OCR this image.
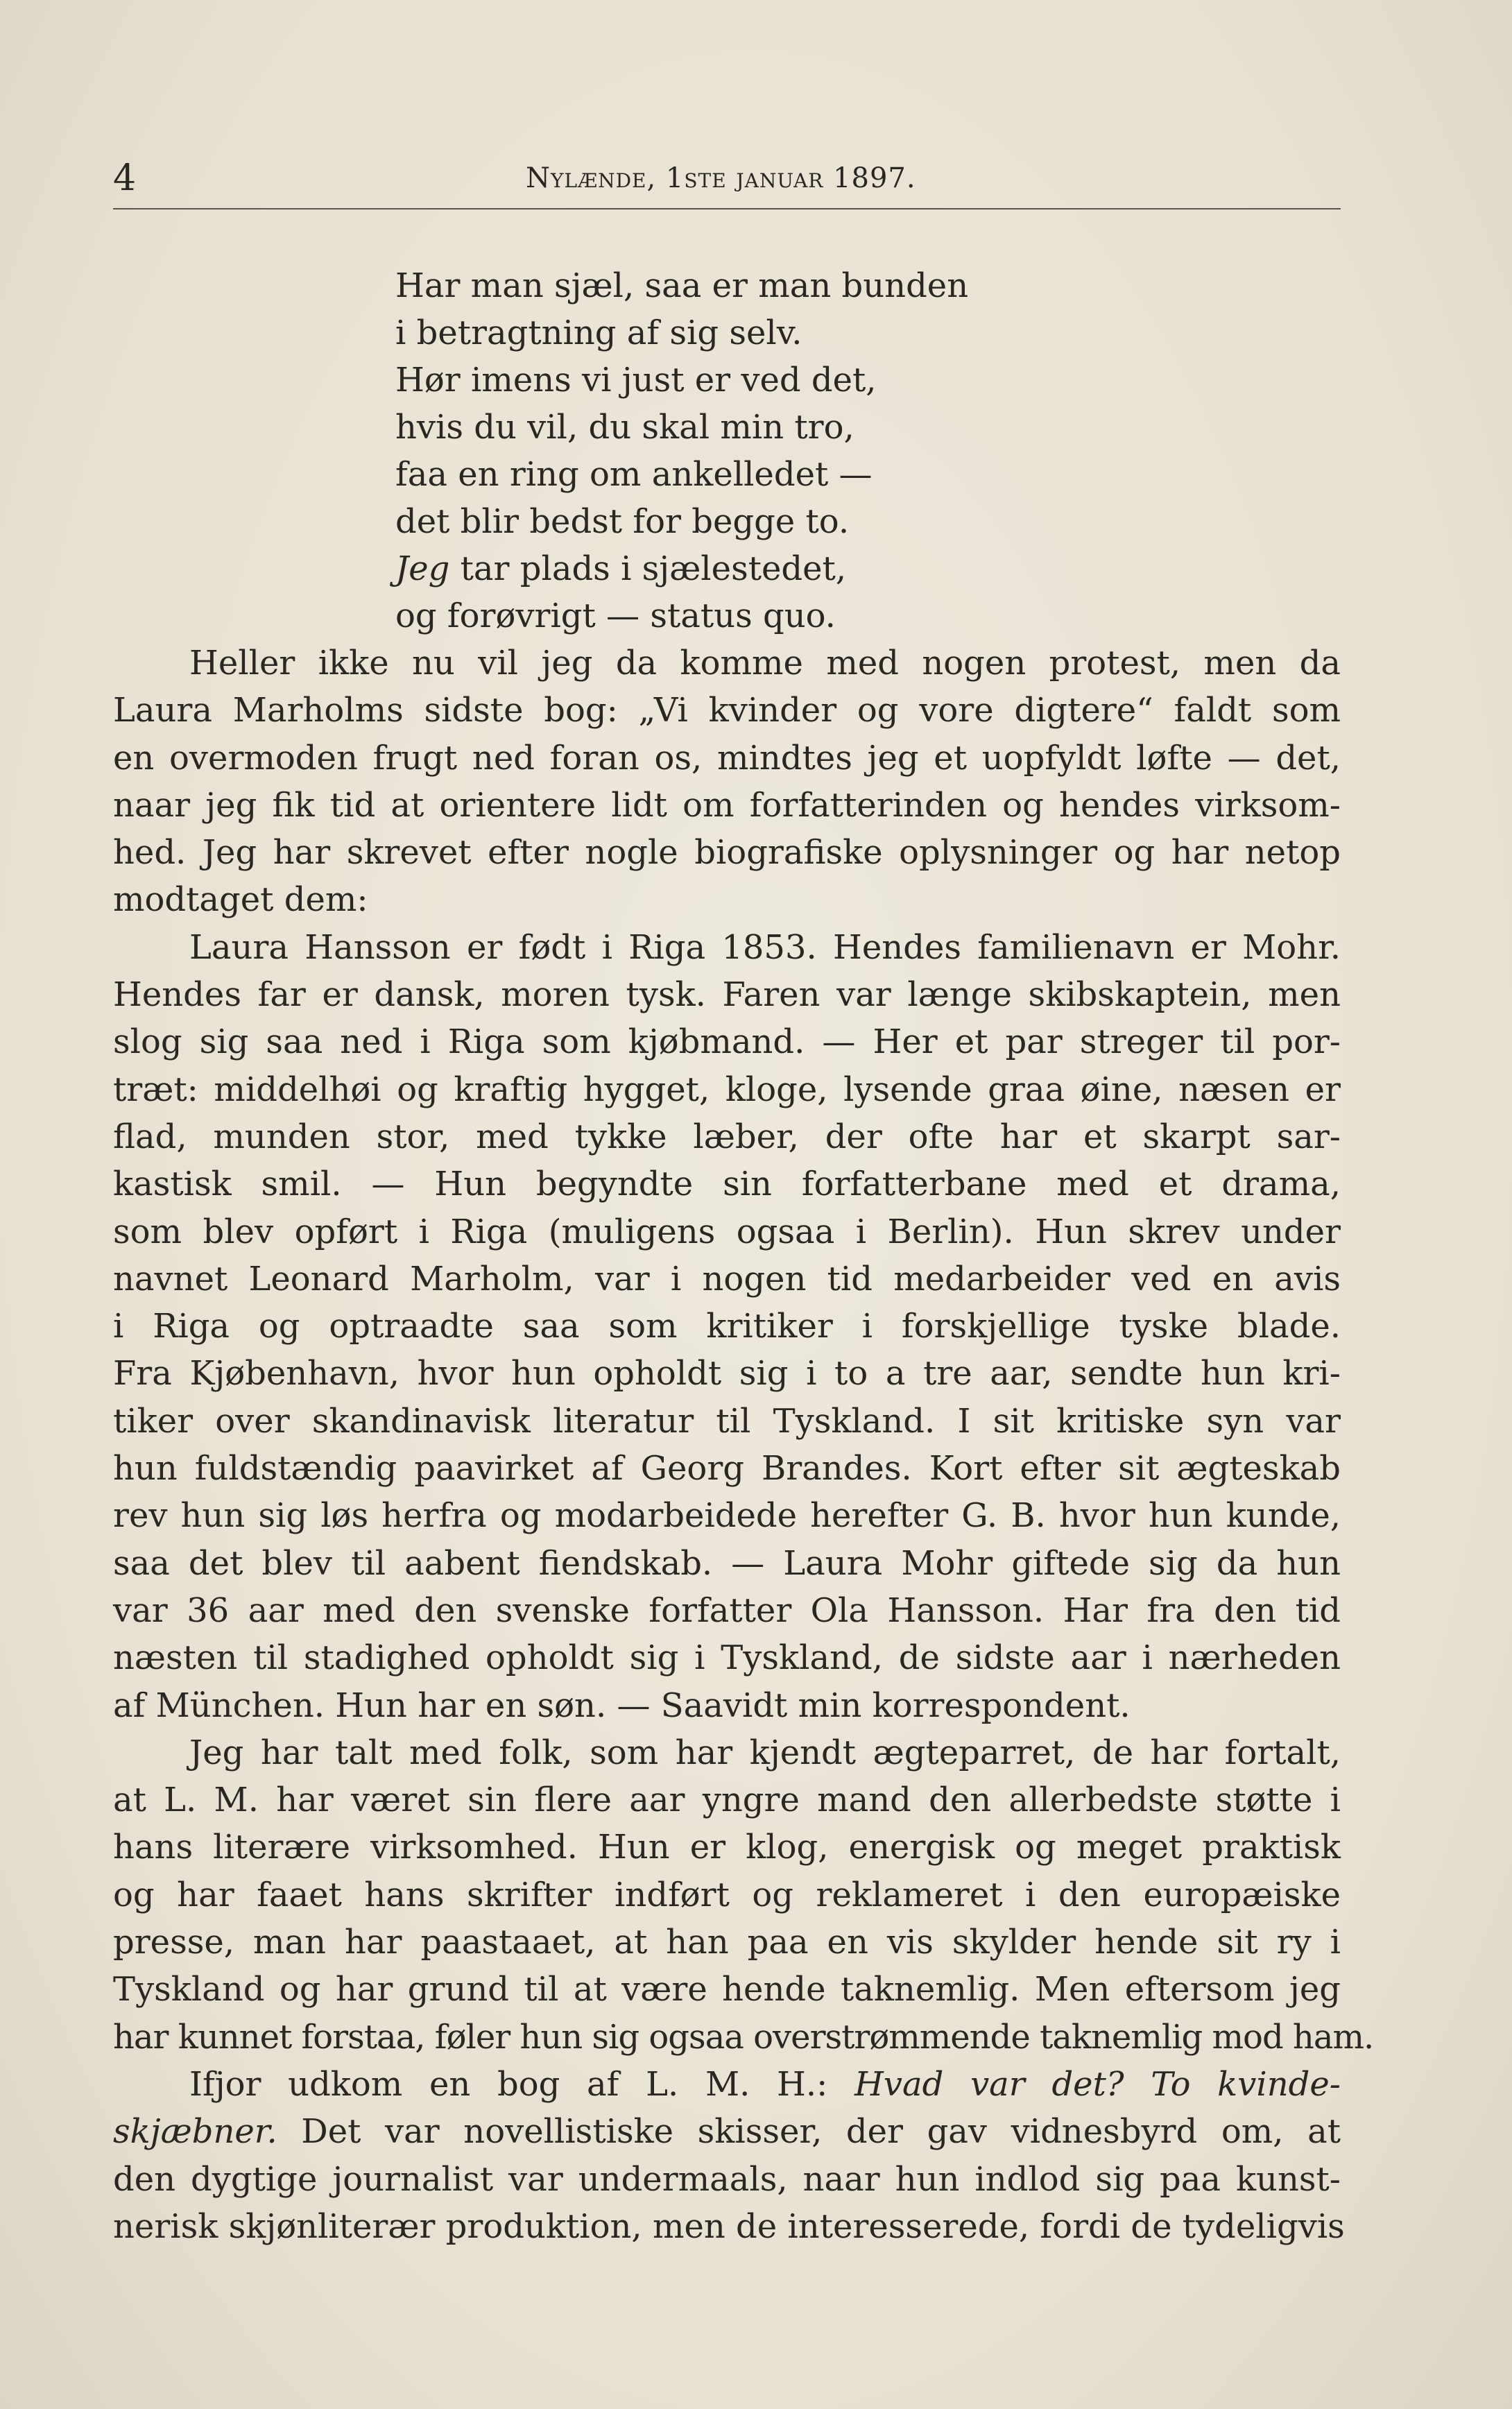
4	Nylænde, 1ste januar 1897.
Har man sjæl, saa er man bunden
i betragtning af sig selv.
Hør imens vi just er ved det,
hvis du vil, du skal min tro,
faa en ring om ankelledet —
det blir bedst for begge to.
Jeg tar plads i sjælestedet,
og forøvrigt — status quo.
Heller ikke nu vil jeg da komme med nogen protest, men da
Laura Marholms sidste bog: „Vi kvinder og vore digtere“ faldt som
en overmoden frugt ned foran os, mindtes jeg et uopfyldt løfte — det,
naar jeg fik tid at orientere lidt om forfatterinden og hendes virksom-
hed. Jeg har skrevet efter nogle biografiske oplysninger og har netop
modtaget dem:
Laura Hansson er født i Riga 1853. Hendes familienavn er Mohr.
Hendes far er dansk, moren tysk. Faren var længe skibskaptein, men
slog sig saa ned i Riga som kjøbmand. — Her et par streger til por-
træt: middelhøi og kraftig hygget, kloge, lysende graa øine, næsen er
flad, munden stor, med tykke læber, der ofte har et skarpt sar-
kastisk smil. — Hun begyndte sin forfatterbane med et drama,
som blev opført i Riga (muligens ogsaa i Berlin). Hun skrev under
navnet Leonard Marholm, var i nogen tid medarbeider ved en avis
i Riga og optraadte saa som kritiker i forskjellige tyske blade.
Fra Kjøbenhavn, hvor hun opholdt sig i to a tre aar, sendte hun kri-
tiker over skandinavisk literatur til Tyskland. I sit kritiske syn var
hun fuldstændig paavirket af Georg Brandes. Kort efter sit ægteskab
rev hun sig løs herfra og modarbeidede herefter G. B. hvor hun kunde,
saa det blev til aabent fiendskab. — Laura Mohr giftede sig da hun
var 36 aar med den svenske forfatter Ola Hansson. Har fra den tid
næsten til stadighed opholdt sig i Tyskland, de sidste aar i nærheden
af München. Hun har en søn. — Saavidt min korrespondent.
Jeg har talt med folk, som har kjendt ægteparret, de har fortalt,
at L. M. har været sin flere aar yngre mand den allerbedste støtte i
hans literære virksomhed. Hun er klog, energisk og meget praktisk
og har faaet hans skrifter indført og reklameret i den europæiske
presse, man har paastaaet, at han paa en vis skylder hende sit ry i
Tyskland og har grund til at være hende taknemlig. Men eftersom jeg
har kunnet forstaa, føler hun sig ogsaa overstrømmende taknemlig mod ham.
Ifjor udkom en bog af L. M. H.: Hvad var det? To kvinde-
skjæbner. Det var novellistiske skisser, der gav vidnesbyrd om, at
den dygtige journalist var undermaals, naar hun indlod sig paa kunst-
nerisk skjønliterær produktion, men de interesserede, fordi de tydeligvis
